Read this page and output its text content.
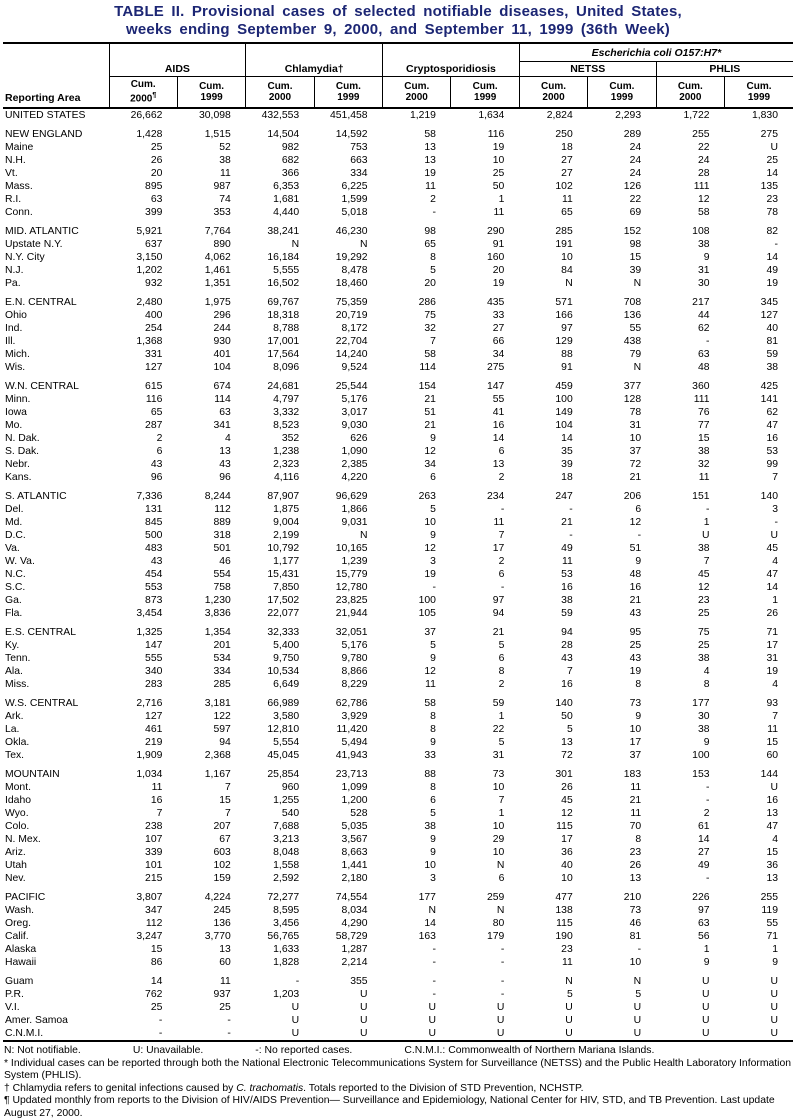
TABLE II. Provisional cases of selected notifiable diseases, United States,
weeks ending September 9, 2000, and September 11, 1999 (36th Week)
Reporting Area							Escherichia coli O157:H7*			
	AIDS		Chlamydia†		Cryptosporidiosis		NETSS		PHLIS	
	Cum.
2000¶	Cum.
1999	Cum.
2000	Cum.
1999	Cum.
2000	Cum.
1999	Cum.
2000	Cum.
1999	Cum.
2000	Cum.
1999
UNITED STATES	26,662	30,098	432,553	451,458	1,219	1,634	2,824	2,293	1,722	1,830

NEW ENGLAND	1,428	1,515	14,504	14,592	58	116	250	289	255	275
Maine	25	52	982	753	13	19	18	24	22	U
N.H.	26	38	682	663	13	10	27	24	24	25
Vt.	20	11	366	334	19	25	27	24	28	14
Mass.	895	987	6,353	6,225	11	50	102	126	111	135
R.I.	63	74	1,681	1,599	2	1	11	22	12	23
Conn.	399	353	4,440	5,018	-	11	65	69	58	78

MID. ATLANTIC	5,921	7,764	38,241	46,230	98	290	285	152	108	82
Upstate N.Y.	637	890	N	N	65	91	191	98	38	-
N.Y. City	3,150	4,062	16,184	19,292	8	160	10	15	9	14
N.J.	1,202	1,461	5,555	8,478	5	20	84	39	31	49
Pa.	932	1,351	16,502	18,460	20	19	N	N	30	19

E.N. CENTRAL	2,480	1,975	69,767	75,359	286	435	571	708	217	345
Ohio	400	296	18,318	20,719	75	33	166	136	44	127
Ind.	254	244	8,788	8,172	32	27	97	55	62	40
Ill.	1,368	930	17,001	22,704	7	66	129	438	-	81
Mich.	331	401	17,564	14,240	58	34	88	79	63	59
Wis.	127	104	8,096	9,524	114	275	91	N	48	38

W.N. CENTRAL	615	674	24,681	25,544	154	147	459	377	360	425
Minn.	116	114	4,797	5,176	21	55	100	128	111	141
Iowa	65	63	3,332	3,017	51	41	149	78	76	62
Mo.	287	341	8,523	9,030	21	16	104	31	77	47
N. Dak.	2	4	352	626	9	14	14	10	15	16
S. Dak.	6	13	1,238	1,090	12	6	35	37	38	53
Nebr.	43	43	2,323	2,385	34	13	39	72	32	99
Kans.	96	96	4,116	4,220	6	2	18	21	11	7

S. ATLANTIC	7,336	8,244	87,907	96,629	263	234	247	206	151	140
Del.	131	112	1,875	1,866	5	-	-	6	-	3
Md.	845	889	9,004	9,031	10	11	21	12	1	-
D.C.	500	318	2,199	N	9	7	-	-	U	U
Va.	483	501	10,792	10,165	12	17	49	51	38	45
W. Va.	43	46	1,177	1,239	3	2	11	9	7	4
N.C.	454	554	15,431	15,779	19	6	53	48	45	47
S.C.	553	758	7,850	12,780	-	-	16	16	12	14
Ga.	873	1,230	17,502	23,825	100	97	38	21	23	1
Fla.	3,454	3,836	22,077	21,944	105	94	59	43	25	26

E.S. CENTRAL	1,325	1,354	32,333	32,051	37	21	94	95	75	71
Ky.	147	201	5,400	5,176	5	5	28	25	25	17
Tenn.	555	534	9,750	9,780	9	6	43	43	38	31
Ala.	340	334	10,534	8,866	12	8	7	19	4	19
Miss.	283	285	6,649	8,229	11	2	16	8	8	4

W.S. CENTRAL	2,716	3,181	66,989	62,786	58	59	140	73	177	93
Ark.	127	122	3,580	3,929	8	1	50	9	30	7
La.	461	597	12,810	11,420	8	22	5	10	38	11
Okla.	219	94	5,554	5,494	9	5	13	17	9	15
Tex.	1,909	2,368	45,045	41,943	33	31	72	37	100	60

MOUNTAIN	1,034	1,167	25,854	23,713	88	73	301	183	153	144
Mont.	11	7	960	1,099	8	10	26	11	-	U
Idaho	16	15	1,255	1,200	6	7	45	21	-	16
Wyo.	7	7	540	528	5	1	12	11	2	13
Colo.	238	207	7,688	5,035	38	10	115	70	61	47
N. Mex.	107	67	3,213	3,567	9	29	17	8	14	4
Ariz.	339	603	8,048	8,663	9	10	36	23	27	15
Utah	101	102	1,558	1,441	10	N	40	26	49	36
Nev.	215	159	2,592	2,180	3	6	10	13	-	13

PACIFIC	3,807	4,224	72,277	74,554	177	259	477	210	226	255
Wash.	347	245	8,595	8,034	N	N	138	73	97	119
Oreg.	112	136	3,456	4,290	14	80	115	46	63	55
Calif.	3,247	3,770	56,765	58,729	163	179	190	81	56	71
Alaska	15	13	1,633	1,287	-	-	23	-	1	1
Hawaii	86	60	1,828	2,214	-	-	11	10	9	9

Guam	14	11	-	355	-	-	N	N	U	U
P.R.	762	937	1,203	U	-	-	5	5	U	U
V.I.	25	25	U	U	U	U	U	U	U	U
Amer. Samoa	-	-	U	U	U	U	U	U	U	U
C.N.M.I.	-	-	U	U	U	U	U	U	U	U
N: Not notifiable.	U: Unavailable.	-: No reported cases.	C.N.M.I.: Commonwealth of Northern Mariana Islands.
* Individual cases can be reported through both the National Electronic Telecommunications System for Surveillance (NETSS) and the Public Health Laboratory Information System (PHLIS).
† Chlamydia refers to genital infections caused by C. trachomatis. Totals reported to the Division of STD Prevention, NCHSTP.
¶ Updated monthly from reports to the Division of HIV/AIDS Prevention— Surveillance and Epidemiology, National Center for HIV, STD, and TB Prevention. Last update August 27, 2000.
